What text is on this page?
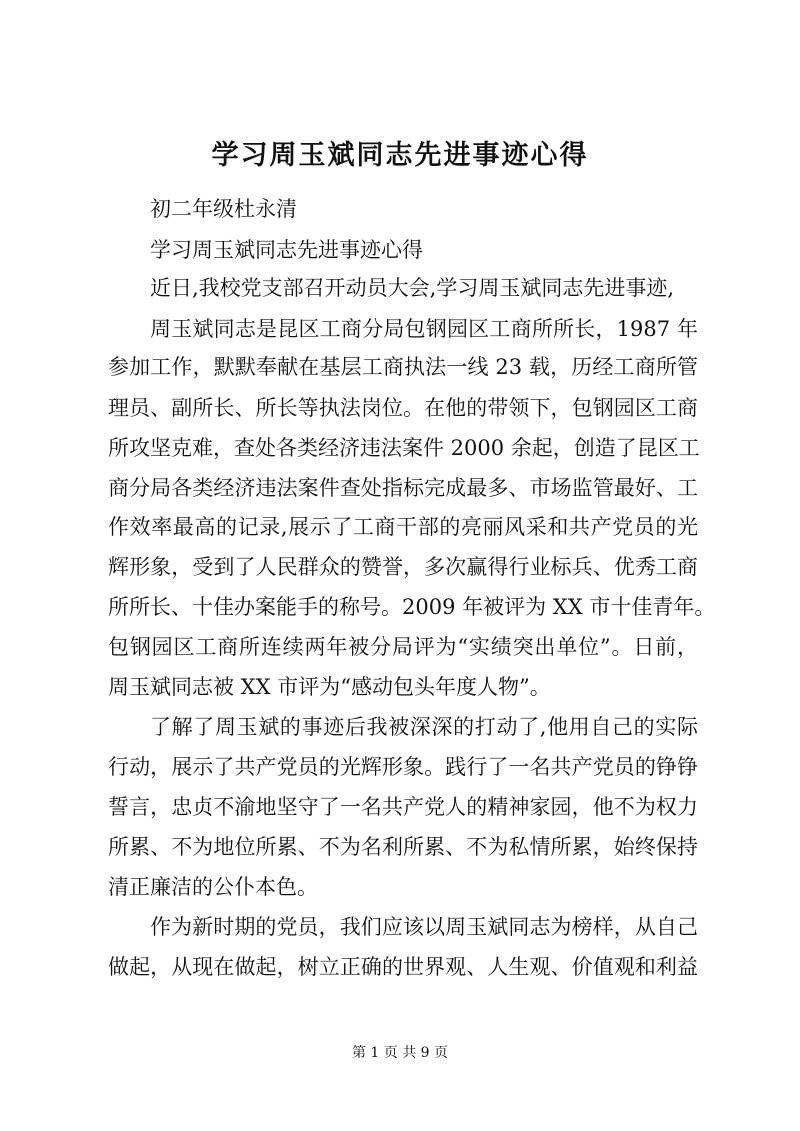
学习周玉斌同志先进事迹心得
初二年级杜永清
学习周玉斌同志先进事迹心得
近日,我校党支部召开动员大会,学习周玉斌同志先进事迹,
周玉斌同志是昆区工商分局包钢园区工商所所长，1987 年
参加工作，默默奉献在基层工商执法一线 23 载，历经工商所管
理员、副所长、所长等执法岗位。在他的带领下，包钢园区工商
所攻坚克难，查处各类经济违法案件 2000 余起，创造了昆区工
商分局各类经济违法案件查处指标完成最多、市场监管最好、工
作效率最高的记录,展示了工商干部的亮丽风采和共产党员的光
辉形象，受到了人民群众的赞誉，多次赢得行业标兵、优秀工商
所所长、十佳办案能手的称号。2009 年被评为 XX 市十佳青年。
包钢园区工商所连续两年被分局评为“实绩突出单位”。日前，
周玉斌同志被 XX 市评为“感动包头年度人物”。
了解了周玉斌的事迹后我被深深的打动了,他用自己的实际
行动，展示了共产党员的光辉形象。践行了一名共产党员的铮铮
誓言，忠贞不渝地坚守了一名共产党人的精神家园，他不为权力
所累、不为地位所累、不为名利所累、不为私情所累，始终保持
清正廉洁的公仆本色。
作为新时期的党员，我们应该以周玉斌同志为榜样，从自己
做起，从现在做起，树立正确的世界观、人生观、价值观和利益
第 1 页 共 9 页
